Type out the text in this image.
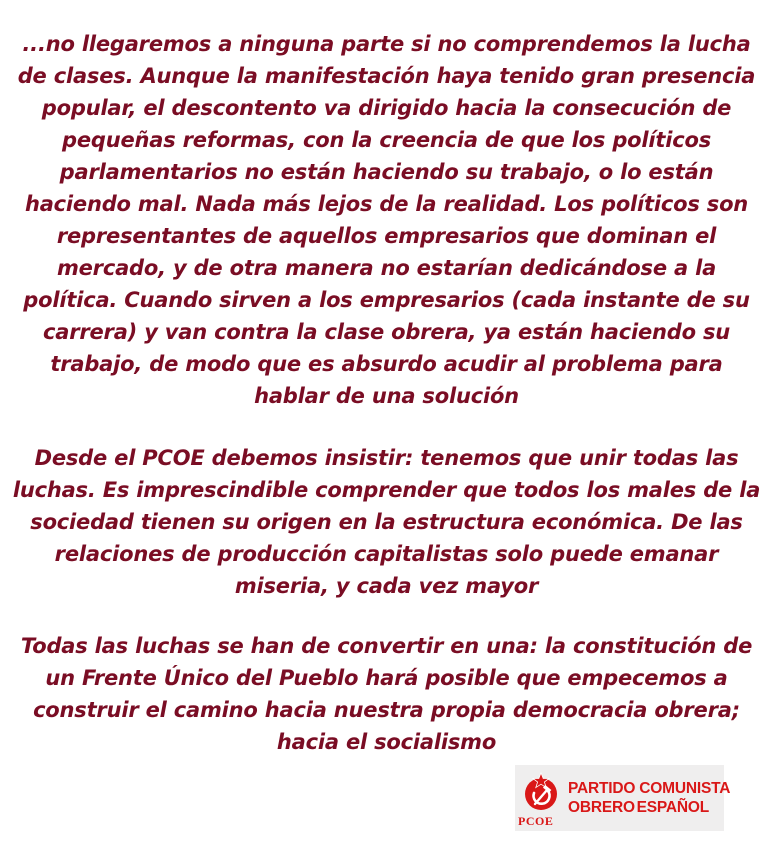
...no llegaremos a ninguna parte si no comprendemos la lucha de clases. Aunque la manifestación haya tenido gran presencia popular, el descontento va dirigido hacia la consecución de pequeñas reformas, con la creencia de que los políticos parlamentarios no están haciendo su trabajo, o lo están haciendo mal. Nada más lejos de la realidad. Los políticos son representantes de aquellos empresarios que dominan el mercado, y de otra manera no estarían dedicándose a la política. Cuando sirven a los empresarios (cada instante de su carrera) y van contra la clase obrera, ya están haciendo su trabajo, de modo que es absurdo acudir al problema para hablar de una solución

Desde el PCOE debemos insistir: tenemos que unir todas las luchas. Es imprescindible comprender que todos los males de la sociedad tienen su origen en la estructura económica. De las relaciones de producción capitalistas solo puede emanar miseria, y cada vez mayor

Todas las luchas se han de convertir en una: la constitución de un Frente Único del Pueblo hará posible que empecemos a construir el camino hacia nuestra propia democracia obrera; hacia el socialismo

PCOE
PARTIDO COMUNISTA
OBRERO ESPAÑOL
